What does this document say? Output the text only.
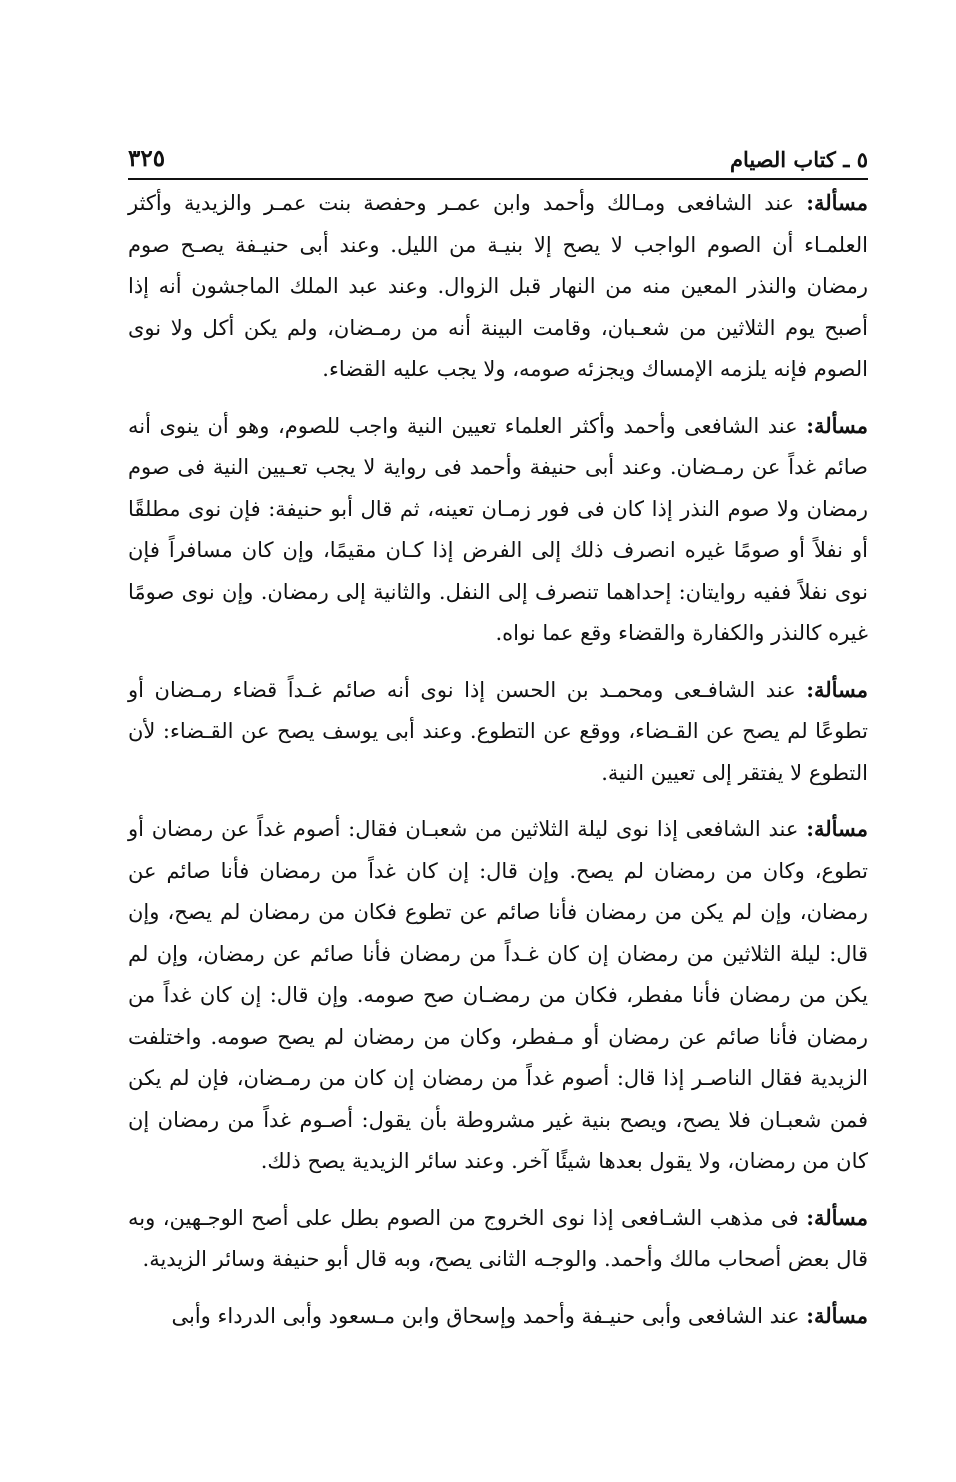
٥ ـ كتاب الصيام
٣٢٥

مسألة: عند الشافعى ومـالك وأحمد وابن عمـر وحفصة بنت عمـر والزيدية وأكثر العلمـاء أن الصوم الواجب لا يصح إلا بنيـة من الليل. وعند أبى حنيـفة يصـح صوم رمضان والنذر المعين منه من النهار قبل الزوال. وعند عبد الملك الماجشون أنه إذا أصبح يوم الثلاثين من شعـبان، وقامت البينة أنه من رمـضان، ولم يكن أكل ولا نوى الصوم فإنه يلزمه الإمساك ويجزئه صومه، ولا يجب عليه القضاء.

مسألة: عند الشافعى وأحمد وأكثر العلماء تعيين النية واجب للصوم، وهو أن ينوى أنه صائم غداً عن رمـضان. وعند أبى حنيفة وأحمد فى رواية لا يجب تعـيين النية فى صوم رمضان ولا صوم النذر إذا كان فى فور زمـان تعينه، ثم قال أبو حنيفة: فإن نوى مطلقًا أو نفلاً أو صومًا غيره انصرف ذلك إلى الفرض إذا كـان مقيمًا، وإن كان مسافراً فإن نوى نفلاً ففيه روايتان: إحداهما تنصرف إلى النفل. والثانية إلى رمضان. وإن نوى صومًا غيره كالنذر والكفارة والقضاء وقع عما نواه.

مسألة: عند الشافـعى ومحمـد بن الحسن إذا نوى أنه صائم غـداً قضاء رمـضان أو تطوعًا لم يصح عن القـضاء، ووقع عن التطوع. وعند أبى يوسف يصح عن القـضاء: لأن التطوع لا يفتقر إلى تعيين النية.

مسألة: عند الشافعى إذا نوى ليلة الثلاثين من شعبـان فقال: أصوم غداً عن رمضان أو تطوع، وكان من رمضان لم يصح. وإن قال: إن كان غداً من رمضان فأنا صائم عن رمضان، وإن لم يكن من رمضان فأنا صائم عن تطوع فكان من رمضان لم يصح، وإن قال: ليلة الثلاثين من رمضان إن كان غـداً من رمضان فأنا صائم عن رمضان، وإن لم يكن من رمضان فأنا مفطر، فكان من رمضـان صح صومه. وإن قال: إن كان غداً من رمضان فأنا صائم عن رمضان أو مـفطر، وكان من رمضان لم يصح صومه. واختلفت الزيدية فقال الناصـر إذا قال: أصوم غداً من رمضان إن كان من رمـضان، فإن لم يكن فمن شعبـان فلا يصح، ويصح بنية غير مشروطة بأن يقول: أصـوم غداً من رمضان إن كان من رمضان، ولا يقول بعدها شيئًا آخر. وعند سائر الزيدية يصح ذلك.

مسألة: فى مذهب الشـافعى إذا نوى الخروج من الصوم بطل على أصح الوجـهين، وبه قال بعض أصحاب مالك وأحمد. والوجـه الثانى يصح، وبه قال أبو حنيفة وسائر الزيدية.

مسألة: عند الشافعى وأبى حنيـفة وأحمد وإسحاق وابن مـسعود وأبى الدرداء وأبى
